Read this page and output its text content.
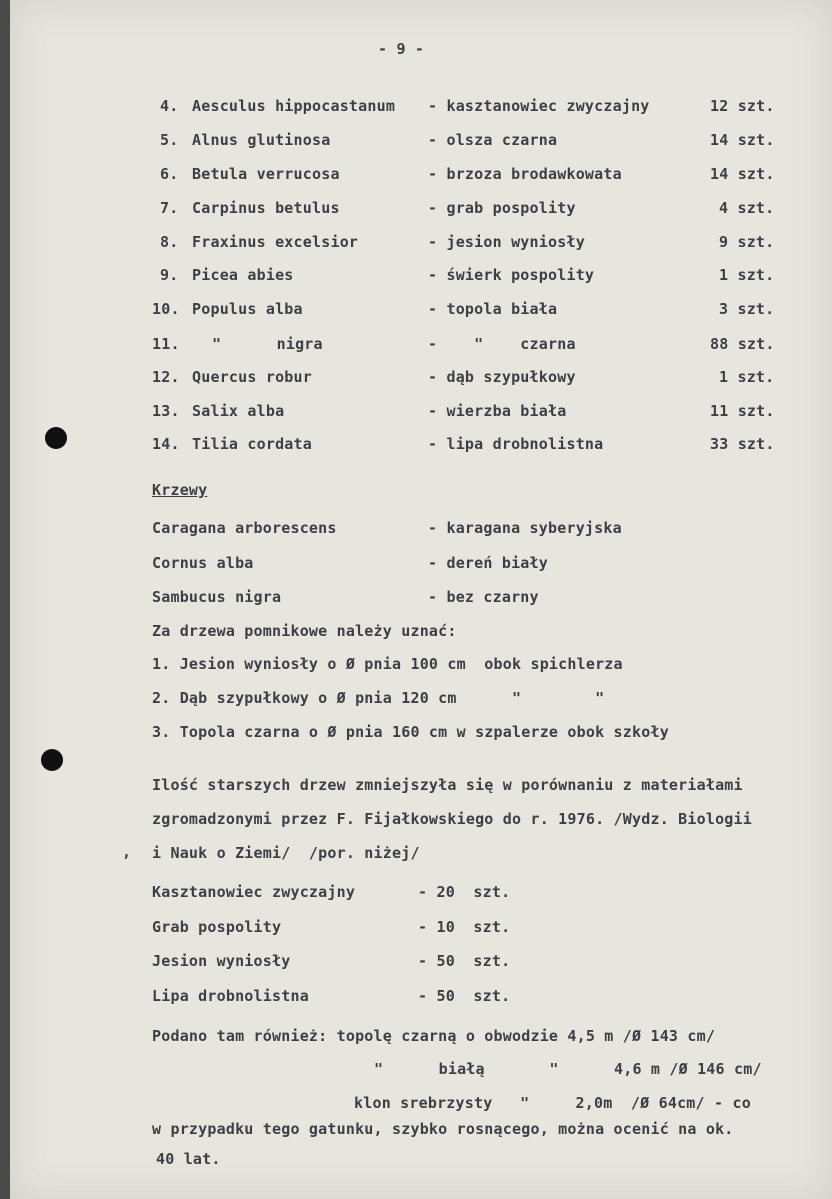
- 9 -
4. Aesculus hippocastanum - kasztanowiec zwyczajny	12 szt.
5. Alnus glutinosa	- olsza czarna	14 szt.
6. Betula verrucosa	- brzoza brodawkowata	14 szt.
7. Carpinus betulus	- grab pospolity	4 szt.
8. Fraxinus excelsior	- jesion wyniosły	9 szt.
9. Picea abies	- świerk pospolity	1 szt.
10. Populus alba	- topola biała	3 szt.
11. "      nigra	-    "    czarna	88 szt.
12. Quercus robur	- dąb szypułkowy	1 szt.
13. Salix alba	- wierzba biała	11 szt.
14. Tilia cordata	- lipa drobnolistna	33 szt.
Krzewy
Caragana arborescens	- karagana syberyjska
Cornus alba	- dereń biały
Sambucus nigra	- bez czarny
Za drzewa pomnikowe należy uznać:
1. Jesion wyniosły o Ø pnia 100 cm  obok spichlerza
2. Dąb szypułkowy o Ø pnia 120 cm      "        "
3. Topola czarna o Ø pnia 160 cm w szpalerze obok szkoły
Ilość starszych drzew zmniejszyła się w porównaniu z materiałami
zgromadzonymi przez F. Fijałkowskiego do r. 1976. /Wydz. Biologii
i Nauk o Ziemi/  /por. niżej/
,
Kasztanowiec zwyczajny	- 20  szt.
Grab pospolity	- 10  szt.
Jesion wyniosły	- 50  szt.
Lipa drobnolistna	- 50  szt.
Podano tam również: topolę czarną o obwodzie 4,5 m /Ø 143 cm/
"      białą       "      4,6 m /Ø 146 cm/
klon srebrzysty   "     2,0m  /Ø 64cm/ - co
w przypadku tego gatunku, szybko rosnącego, można ocenić na ok.
40 lat.
